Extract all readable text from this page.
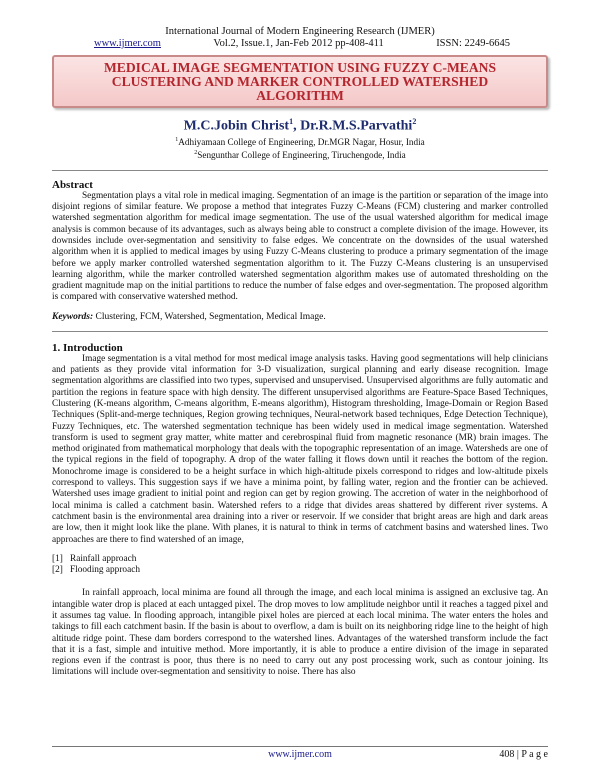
International Journal of Modern Engineering Research (IJMER)
www.ijmer.com	Vol.2, Issue.1, Jan-Feb 2012 pp-408-411	ISSN: 2249-6645
MEDICAL IMAGE SEGMENTATION USING FUZZY C-MEANS
CLUSTERING AND MARKER CONTROLLED WATERSHED
ALGORITHM
M.C.Jobin Christ$^1$, Dr.R.M.S.Parvathi$^2$
$^1$Adhiyamaan College of Engineering, Dr.MGR Nagar, Hosur, India
$^2$Sengunthar College of Engineering, Tiruchengode, India
Abstract

Segmentation plays a vital role in medical imaging. Segmentation of an image is the partition or separation of the image into disjoint regions of similar feature. We propose a method that integrates Fuzzy C-Means (FCM) clustering and marker controlled watershed segmentation algorithm for medical image segmentation. The use of the usual watershed algorithm for medical image analysis is common because of its advantages, such as always being able to construct a complete division of the image. However, its downsides include over-segmentation and sensitivity to false edges. We concentrate on the downsides of the usual watershed algorithm when it is applied to medical images by using Fuzzy C-Means clustering to produce a primary segmentation of the image before we apply marker controlled watershed segmentation algorithm to it. The Fuzzy C-Means clustering is an unsupervised learning algorithm, while the marker controlled watershed segmentation algorithm makes use of automated thresholding on the gradient magnitude map on the initial partitions to reduce the number of false edges and over-segmentation. The proposed algorithm is compared with conservative watershed method.

Keywords: Clustering, FCM, Watershed, Segmentation, Medical Image.
1. Introduction

Image segmentation is a vital method for most medical image analysis tasks. Having good segmentations will help clinicians and patients as they provide vital information for 3-D visualization, surgical planning and early disease recognition. Image segmentation algorithms are classified into two types, supervised and unsupervised. Unsupervised algorithms are fully automatic and partition the regions in feature space with high density. The different unsupervised algorithms are Feature-Space Based Techniques, Clustering (K-means algorithm, C-means algorithm, E-means algorithm), Histogram thresholding, Image-Domain or Region Based Techniques (Split-and-merge techniques, Region growing techniques, Neural-network based techniques, Edge Detection Technique), Fuzzy Techniques, etc. The watershed segmentation technique has been widely used in medical image segmentation. Watershed transform is used to segment gray matter, white matter and cerebrospinal fluid from magnetic resonance (MR) brain images. The method originated from mathematical morphology that deals with the topographic representation of an image. Watersheds are one of the typical regions in the field of topography. A drop of the water falling it flows down until it reaches the bottom of the region. Monochrome image is considered to be a height surface in which high-altitude pixels correspond to ridges and low-altitude pixels correspond to valleys. This suggestion says if we have a minima point, by falling water, region and the frontier can be achieved. Watershed uses image gradient to initial point and region can get by region growing. The accretion of water in the neighborhood of local minima is called a catchment basin. Watershed refers to a ridge that divides areas shattered by different river systems. A catchment basin is the environmental area draining into a river or reservoir. If we consider that bright areas are high and dark areas are low, then it might look like the plane. With planes, it is natural to think in terms of catchment basins and watershed lines. Two approaches are there to find watershed of an image,

[1] Rainfall approach
[2] Flooding approach

In rainfall approach, local minima are found all through the image, and each local minima is assigned an exclusive tag. An intangible water drop is placed at each untagged pixel. The drop moves to low amplitude neighbor until it reaches a tagged pixel and it assumes tag value. In flooding approach, intangible pixel holes are pierced at each local minima. The water enters the holes and takings to fill each catchment basin. If the basin is about to overflow, a dam is built on its neighboring ridge line to the height of high altitude ridge point. These dam borders correspond to the watershed lines. Advantages of the watershed transform include the fact that it is a fast, simple and intuitive method. More importantly, it is able to produce a entire division of the image in separated regions even if the contrast is poor, thus there is no need to carry out any post processing work, such as contour joining. Its limitations will include over-segmentation and sensitivity to noise. There has also

www.ijmer.com	408 | P a g e
